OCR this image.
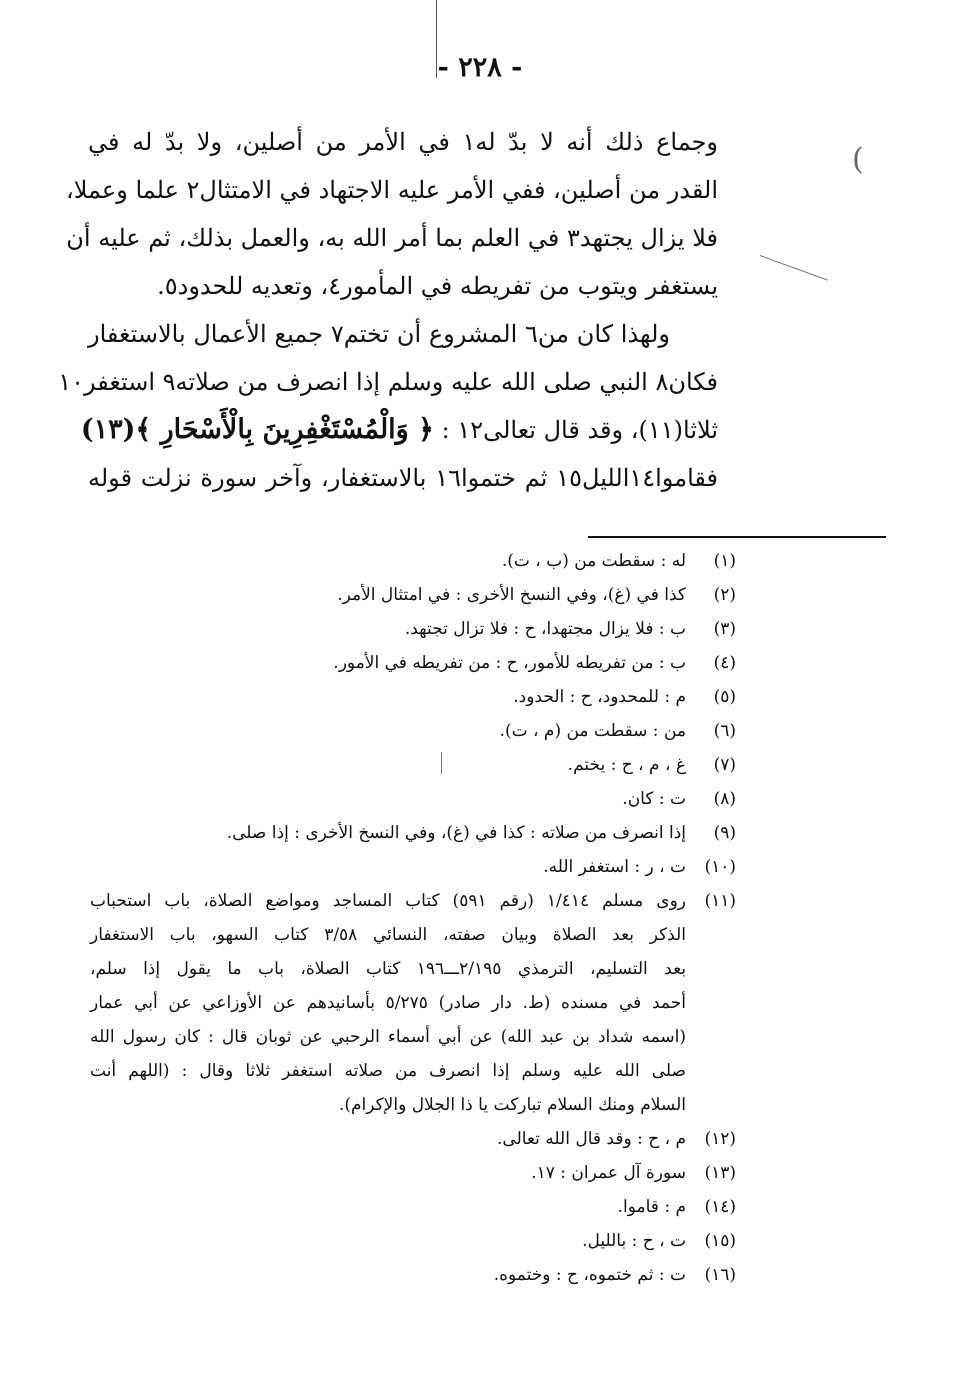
(
- ٢٢٨ -
وجماع ذلك أنه لا بدّ له١ في الأمر من أصلين، ولا بدّ له في
القدر من أصلين، ففي الأمر عليه الاجتهاد في الامتثال٢ علما وعملا،
فلا يزال يجتهد٣ في العلم بما أمر الله به، والعمل بذلك، ثم عليه أن
يستغفر ويتوب من تفريطه في المأمور٤، وتعديه للحدود٥.
ولهذا كان من٦ المشروع أن تختم٧ جميع الأعمال بالاستغفار
فكان٨ النبي صلى الله عليه وسلم إذا انصرف من صلاته٩ استغفر١٠
ثلاثا(١١)، وقد قال تعالى١٢ : ﴿ وَالْمُسْتَغْفِرِينَ بِالْأَسْحَارِ ﴾(١٣)
فقاموا١٤الليل١٥ ثم ختموا١٦ بالاستغفار، وآخر سورة نزلت قوله
(١)
له : سقطت من (ب ، ت).
(٢)
كذا في (غ)، وفي النسخ الأخرى : في امتثال الأمر.
(٣)
ب : فلا يزال مجتهدا، ح : فلا تزال تجتهد.
(٤)
ب : من تفريطه للأمور، ح : من تفريطه في الأمور.
(٥)
م : للمحدود، ح : الحدود.
(٦)
من : سقطت من (م ، ت).
(٧)
غ ، م ، ح : يختم.
(٨)
ت : كان.
(٩)
إذا انصرف من صلاته : كذا في (غ)، وفي النسخ الأخرى : إذا صلى.
(١٠)
ت ، ر : استغفر الله.
(١١)
روى مسلم ١/٤١٤ (رقم ٥٩١) كتاب المساجد ومواضع الصلاة، باب استحباب
الذكر بعد الصلاة وبيان صفته، النسائي ٣/٥٨ كتاب السهو، باب الاستغفار
بعد التسليم، الترمذي ٢/١٩٥ـــ١٩٦ كتاب الصلاة، باب ما يقول إذا سلم،
أحمد في مسنده (ط. دار صادر) ٥/٢٧٥ بأسانيدهم عن الأوزاعي عن أبي عمار
(اسمه شداد بن عبد الله) عن أبي أسماء الرحبي عن ثوبان قال : كان رسول الله
صلى الله عليه وسلم إذا انصرف من صلاته استغفر ثلاثا وقال : (اللهم أنت
السلام ومنك السلام تباركت يا ذا الجلال والإكرام).
(١٢)
م ، ح : وقد قال الله تعالى.
(١٣)
سورة آل عمران : ١٧.
(١٤)
م : قاموا.
(١٥)
ت ، ح : بالليل.
(١٦)
ت : ثم ختموه، ح : وختموه.
